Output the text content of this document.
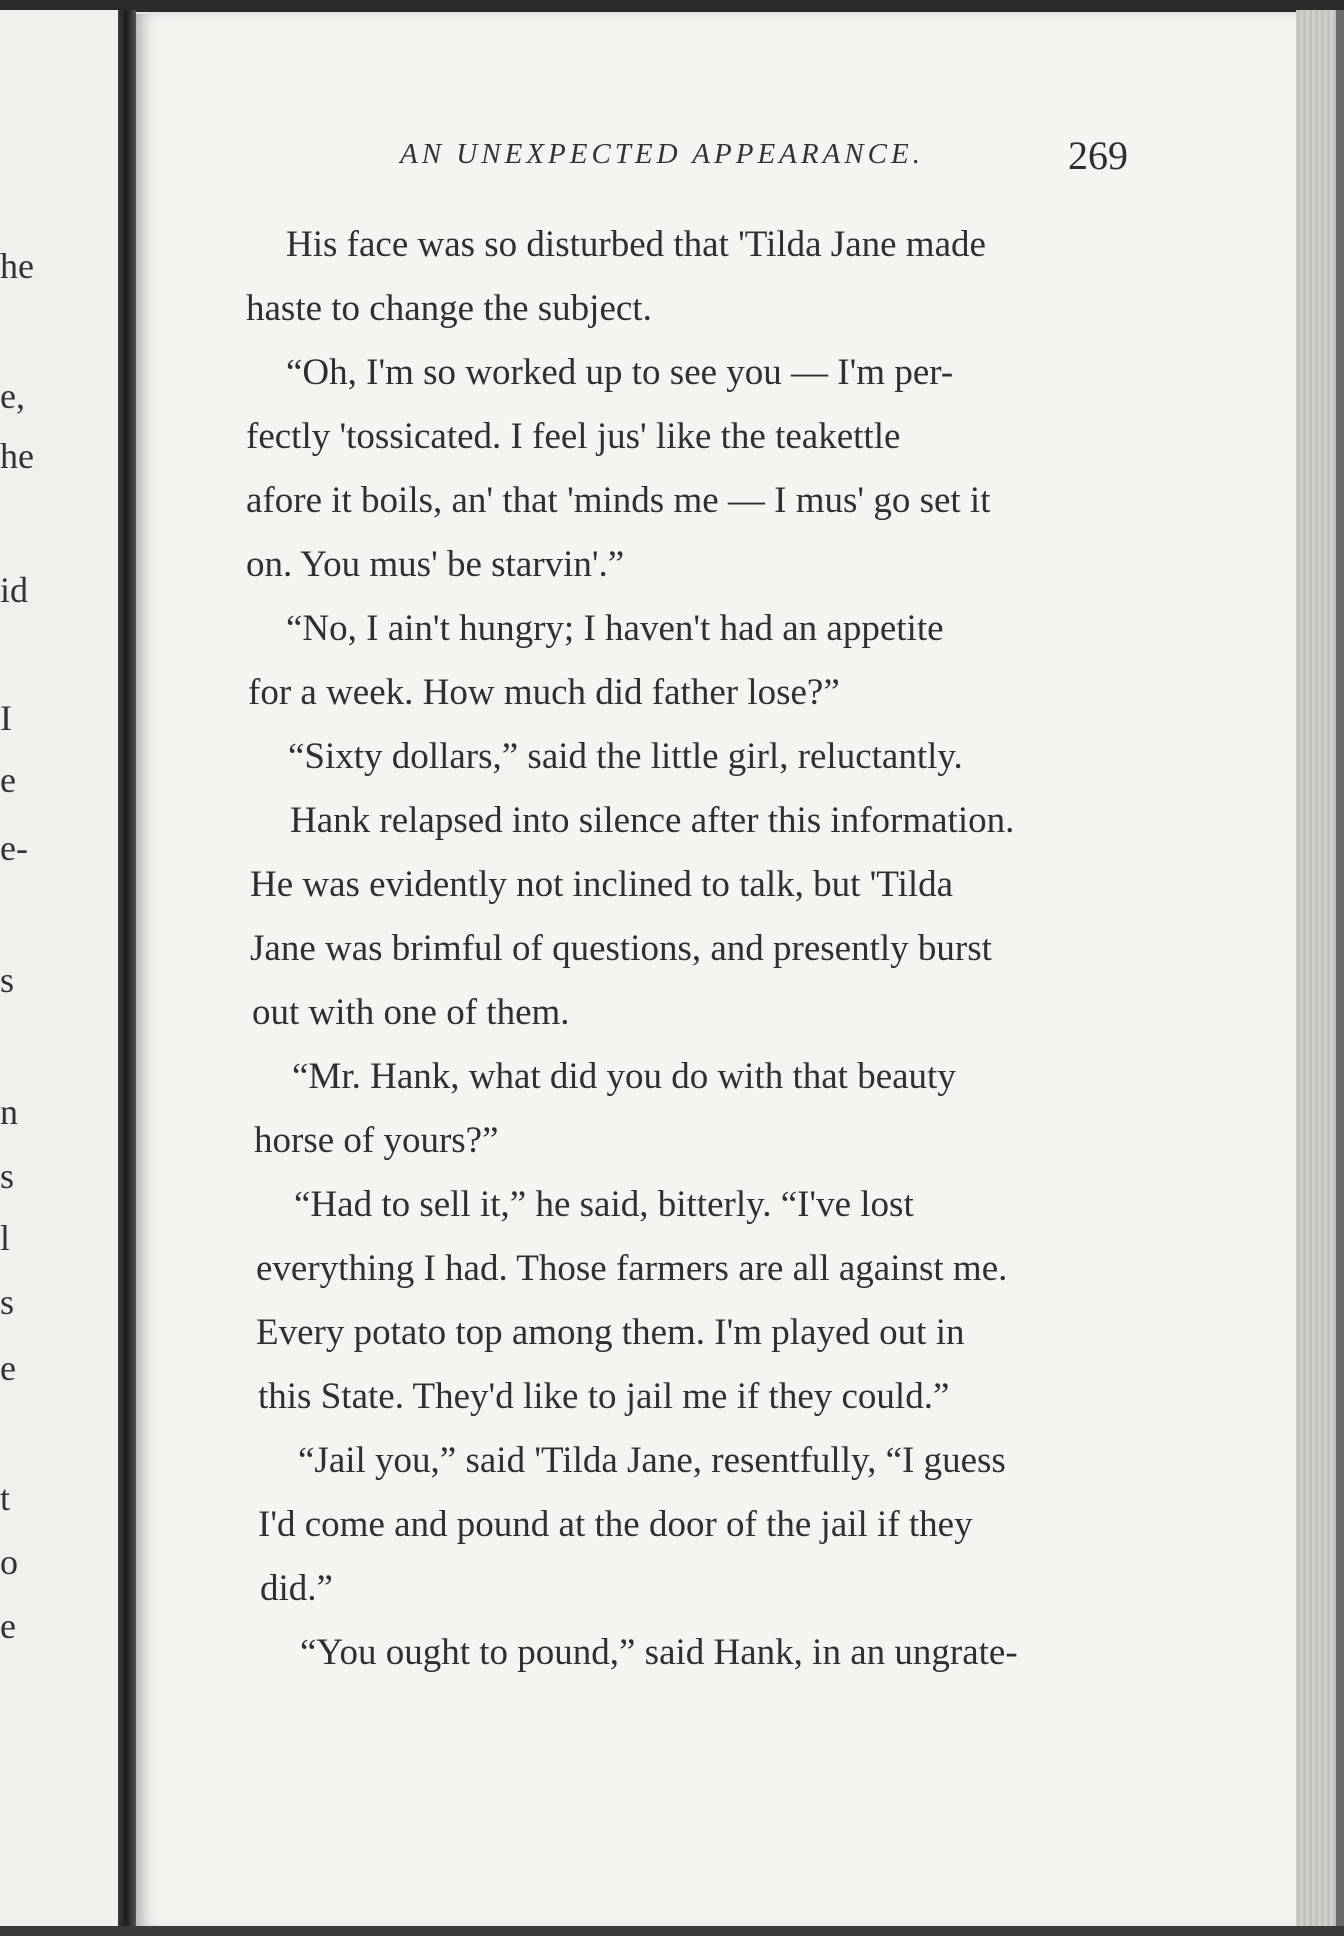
he
e,
he
id
I
e
e-
s
n
s
l
s
e
t
o
e
AN UNEXPECTED APPEARANCE.	269
His face was so disturbed that 'Tilda Jane made
haste to change the subject.
“Oh, I'm so worked up to see you — I'm per-
fectly 'tossicated. I feel jus' like the teakettle
afore it boils, an' that 'minds me — I mus' go set it
on. You mus' be starvin'.”
“No, I ain't hungry; I haven't had an appetite
for a week. How much did father lose?”
“Sixty dollars,” said the little girl, reluctantly.
Hank relapsed into silence after this information.
He was evidently not inclined to talk, but 'Tilda
Jane was brimful of questions, and presently burst
out with one of them.
“Mr. Hank, what did you do with that beauty
horse of yours?”
“Had to sell it,” he said, bitterly. “I've lost
everything I had. Those farmers are all against me.
Every potato top among them. I'm played out in
this State. They'd like to jail me if they could.”
“Jail you,” said 'Tilda Jane, resentfully, “I guess
I'd come and pound at the door of the jail if they
did.”
“You ought to pound,” said Hank, in an ungrate-
